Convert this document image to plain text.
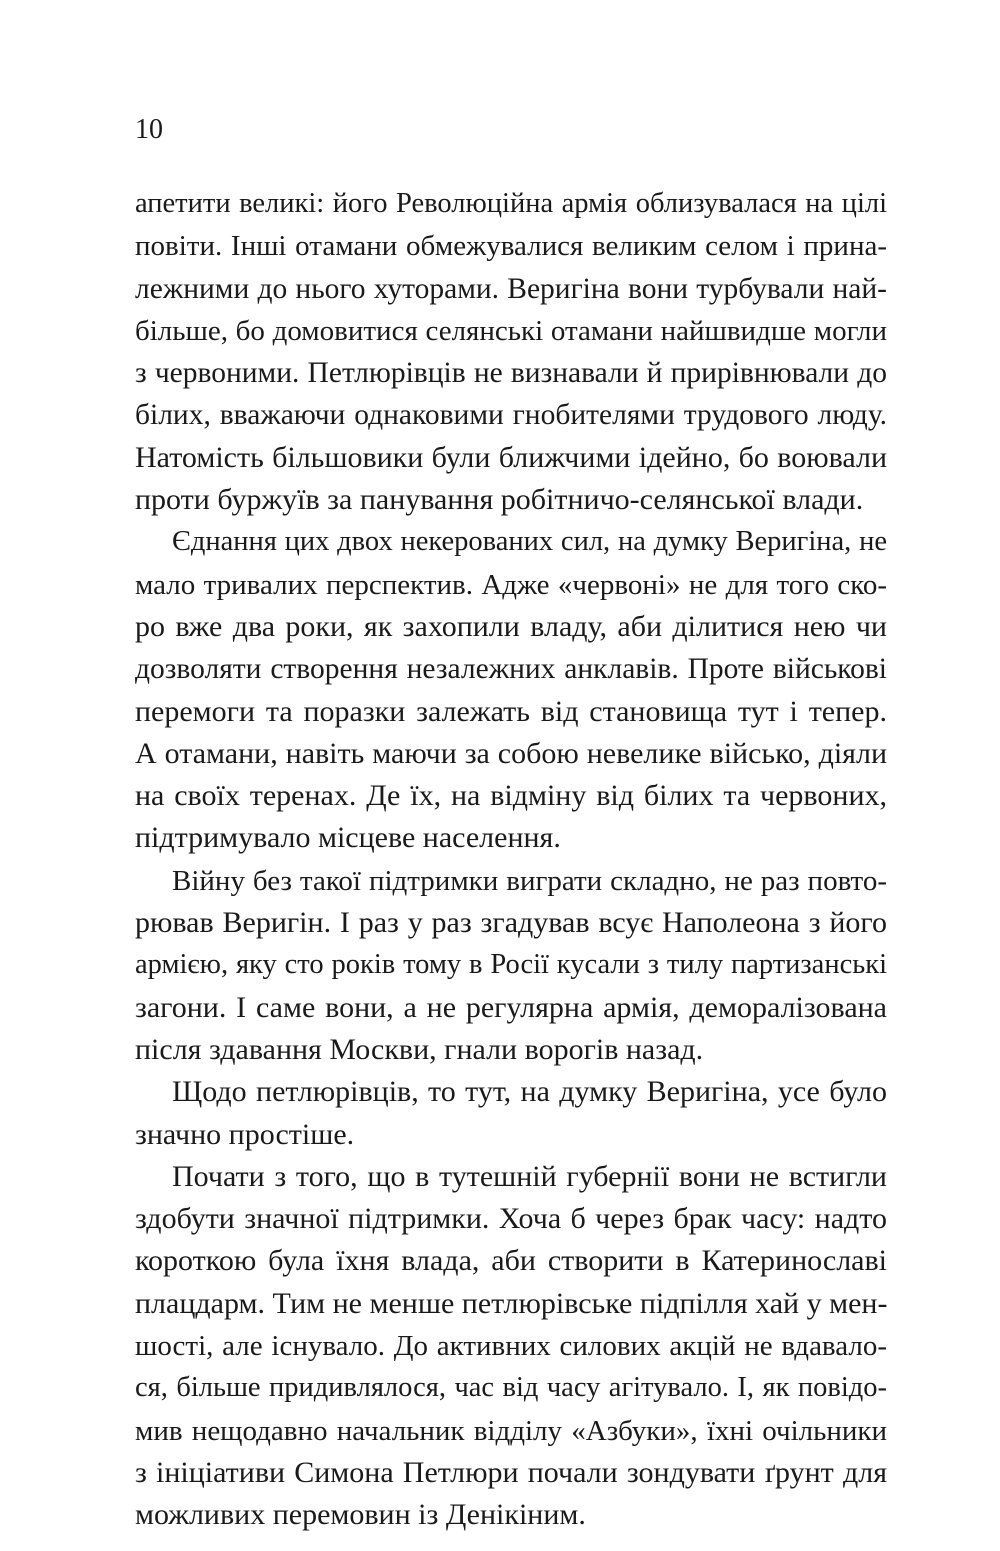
10
апетити великі: його Революційна армія облизувалася на цілі
повіти. Інші отамани обмежувалися великим селом і прина-
лежними до нього хуторами. Веригіна вони турбували най-
більше, бо домовитися селянські отамани найшвидше могли
з червоними. Петлюрівців не визнавали й прирівнювали до
білих, вважаючи однаковими гнобителями трудового люду.
Натомість більшовики були ближчими ідейно, бо воювали
проти буржуїв за панування робітничо-селянської влади.
Єднання цих двох некерованих сил, на думку Веригіна, не
мало тривалих перспектив. Адже «червоні» не для того ско-
ро вже два роки, як захопили владу, аби ділитися нею чи
дозволяти створення незалежних анклавів. Проте військові
перемоги та поразки залежать від становища тут і тепер.
А отамани, навіть маючи за собою невелике військо, діяли
на своїх теренах. Де їх, на відміну від білих та червоних,
підтримувало місцеве населення.
Війну без такої підтримки виграти складно, не раз повто-
рював Веригін. І раз у раз згадував всує Наполеона з його
армією, яку сто років тому в Росії кусали з тилу партизанські
загони. І саме вони, а не регулярна армія, деморалізована
після здавання Москви, гнали ворогів назад.
Щодо петлюрівців, то тут, на думку Веригіна, усе було
значно простіше.
Почати з того, що в тутешній губернії вони не встигли
здобути значної підтримки. Хоча б через брак часу: надто
короткою була їхня влада, аби створити в Катеринославі
плацдарм. Тим не менше петлюрівське підпілля хай у мен-
шості, але існувало. До активних силових акцій не вдавало-
ся, більше придивлялося, час від часу агітувало. І, як повідо-
мив нещодавно начальник відділу «Азбуки», їхні очільники
з ініціативи Симона Петлюри почали зондувати ґрунт для
можливих перемовин із Денікіним.
